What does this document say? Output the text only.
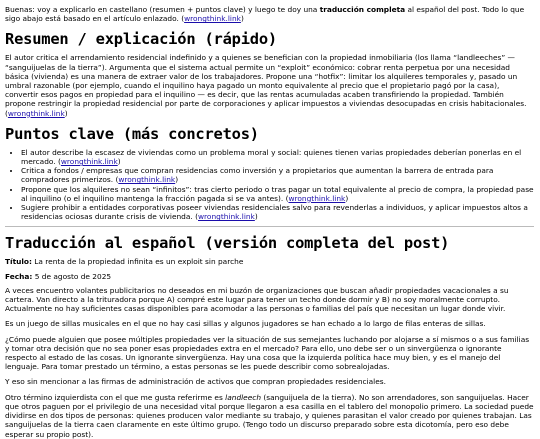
Buenas: voy a explicarlo en castellano (resumen + puntos clave) y luego te doy una traducción completa al español del post. Todo lo que sigo abajo está basado en el artículo enlazado. (wrongthink.link)

Resumen / explicación (rápido)

El autor critica el arrendamiento residencial indefinido y a quienes se benefician con la propiedad inmobiliaria (los llama “landleeches” — “sanguijuelas de la tierra”). Argumenta que el sistema actual permite un “exploit” económico: cobrar renta perpetua por una necesidad básica (vivienda) es una manera de extraer valor de los trabajadores. Propone una “hotfix”: limitar los alquileres temporales y, pasado un umbral razonable (por ejemplo, cuando el inquilino haya pagado un monto equivalente al precio que el propietario pagó por la casa), convertir esos pagos en propiedad para el inquilino — es decir, que las rentas acumuladas acaben transfiriendo la propiedad. También propone restringir la propiedad residencial por parte de corporaciones y aplicar impuestos a viviendas desocupadas en crisis habitacionales. (wrongthink.link)

Puntos clave (más concretos)
• El autor describe la escasez de viviendas como un problema moral y social: quienes tienen varias propiedades deberían ponerlas en el mercado. (wrongthink.link)
• Critica a fondos / empresas que compran residencias como inversión y a propietarios que aumentan la barrera de entrada para compradores primerizos. (wrongthink.link)
• Propone que los alquileres no sean “infinitos”: tras cierto periodo o tras pagar un total equivalente al precio de compra, la propiedad pase al inquilino (o el inquilino mantenga la fracción pagada si se va antes). (wrongthink.link)
• Sugiere prohibir a entidades corporativas poseer viviendas residenciales salvo para revenderlas a individuos, y aplicar impuestos altos a residencias ociosas durante crisis de vivienda. (wrongthink.link)
Traducción al español (versión completa del post)

Título: La renta de la propiedad infinita es un exploit sin parche

Fecha: 5 de agosto de 2025

A veces encuentro volantes publicitarios no deseados en mi buzón de organizaciones que buscan añadir propiedades vacacionales a su cartera. Van directo a la trituradora porque A) compré este lugar para tener un techo donde dormir y B) no soy moralmente corrupto. Actualmente no hay suficientes casas disponibles para acomodar a las personas o familias del país que necesitan un lugar donde vivir.

Es un juego de sillas musicales en el que no hay casi sillas y algunos jugadores se han echado a lo largo de filas enteras de sillas.

¿Cómo puede alguien que posee múltiples propiedades ver la situación de sus semejantes luchando por alojarse a sí mismos o a sus familias y tomar otra decisión que no sea poner esas propiedades extra en el mercado? Para ello, uno debe ser o un sinvergüenza o ignorante respecto al estado de las cosas. Un ignorante sinvergüenza. Hay una cosa que la izquierda política hace muy bien, y es el manejo del lenguaje. Para tomar prestado un término, a estas personas se les puede describir como sobrealojadas.

Y eso sin mencionar a las firmas de administración de activos que compran propiedades residenciales.

Otro término izquierdista con el que me gusta referirme es landleech (sanguijuela de la tierra). No son arrendadores, son sanguijuelas. Hacer que otros paguen por el privilegio de una necesidad vital porque llegaron a esa casilla en el tablero del monopolio primero. La sociedad puede dividirse en dos tipos de personas: quienes producen valor mediante su trabajo, y quienes parasitan el valor creado por quienes trabajan. Las sanguijuelas de la tierra caen claramente en este último grupo. (Tengo todo un discurso preparado sobre esta dicotomía, pero eso debe esperar su propio post).
